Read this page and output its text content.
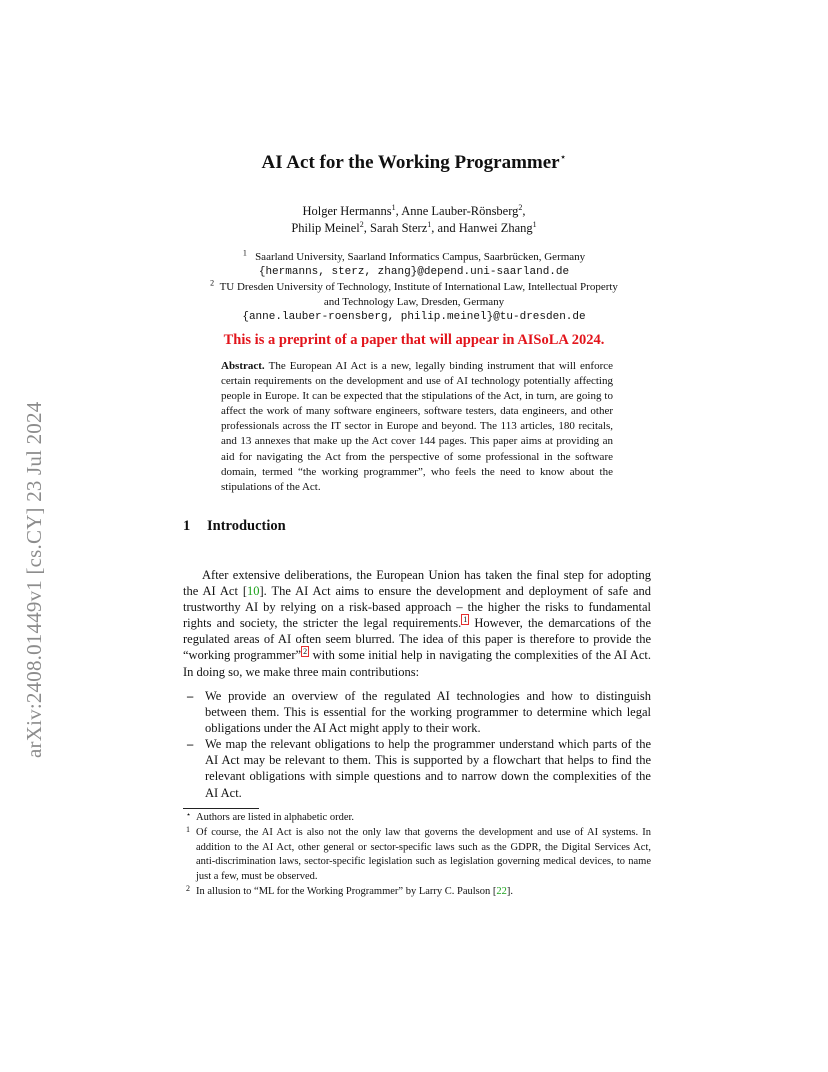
arXiv:2408.01449v1 [cs.CY] 23 Jul 2024
AI Act for the Working Programmer⋆
Holger Hermanns$^1$, Anne Lauber-Rönsberg$^2$,
Philip Meinel$^2$, Sarah Sterz$^1$, and Hanwei Zhang$^1$
$^1$ Saarland University, Saarland Informatics Campus, Saarbrücken, Germany
{hermanns, sterz, zhang}@depend.uni-saarland.de
$^2$ TU Dresden University of Technology, Institute of International Law, Intellectual Property
and Technology Law, Dresden, Germany
{anne.lauber-roensberg, philip.meinel}@tu-dresden.de
This is a preprint of a paper that will appear in AISoLA 2024.
Abstract. The European AI Act is a new, legally binding instrument that will enforce certain requirements on the development and use of AI technology potentially affecting people in Europe. It can be expected that the stipulations of the Act, in turn, are going to affect the work of many software engineers, software testers, data engineers, and other professionals across the IT sector in Europe and beyond. The 113 articles, 180 recitals, and 13 annexes that make up the Act cover 144 pages. This paper aims at providing an aid for navigating the Act from the perspective of some professional in the software domain, termed “the working programmer”, who feels the need to know about the stipulations of the Act.
1 Introduction
After extensive deliberations, the European Union has taken the final step for adopting the AI Act [10]. The AI Act aims to ensure the development and deployment of safe and trustworthy AI by relying on a risk-based approach – the higher the risks to fundamental rights and society, the stricter the legal requirements. $^1$ However, the demarcations of the regulated areas of AI often seem blurred. The idea of this paper is therefore to provide the “working programmer” $^2$ with some initial help in navigating the complexities of the AI Act. In doing so, we make three main contributions:
– We provide an overview of the regulated AI technologies and how to distinguish between them. This is essential for the working programmer to determine which legal obligations under the AI Act might apply to their work.
– We map the relevant obligations to help the programmer understand which parts of the AI Act may be relevant to them. This is supported by a flowchart that helps to find the relevant obligations with simple questions and to narrow down the complexities of the AI Act.
⋆ Authors are listed in alphabetic order.
1 Of course, the AI Act is also not the only law that governs the development and use of AI systems. In addition to the AI Act, other general or sector-specific laws such as the GDPR, the Digital Services Act, anti-discrimination laws, sector-specific legislation such as legislation governing medical devices, to name just a few, must be observed.
2 In allusion to “ML for the Working Programmer” by Larry C. Paulson [22].
